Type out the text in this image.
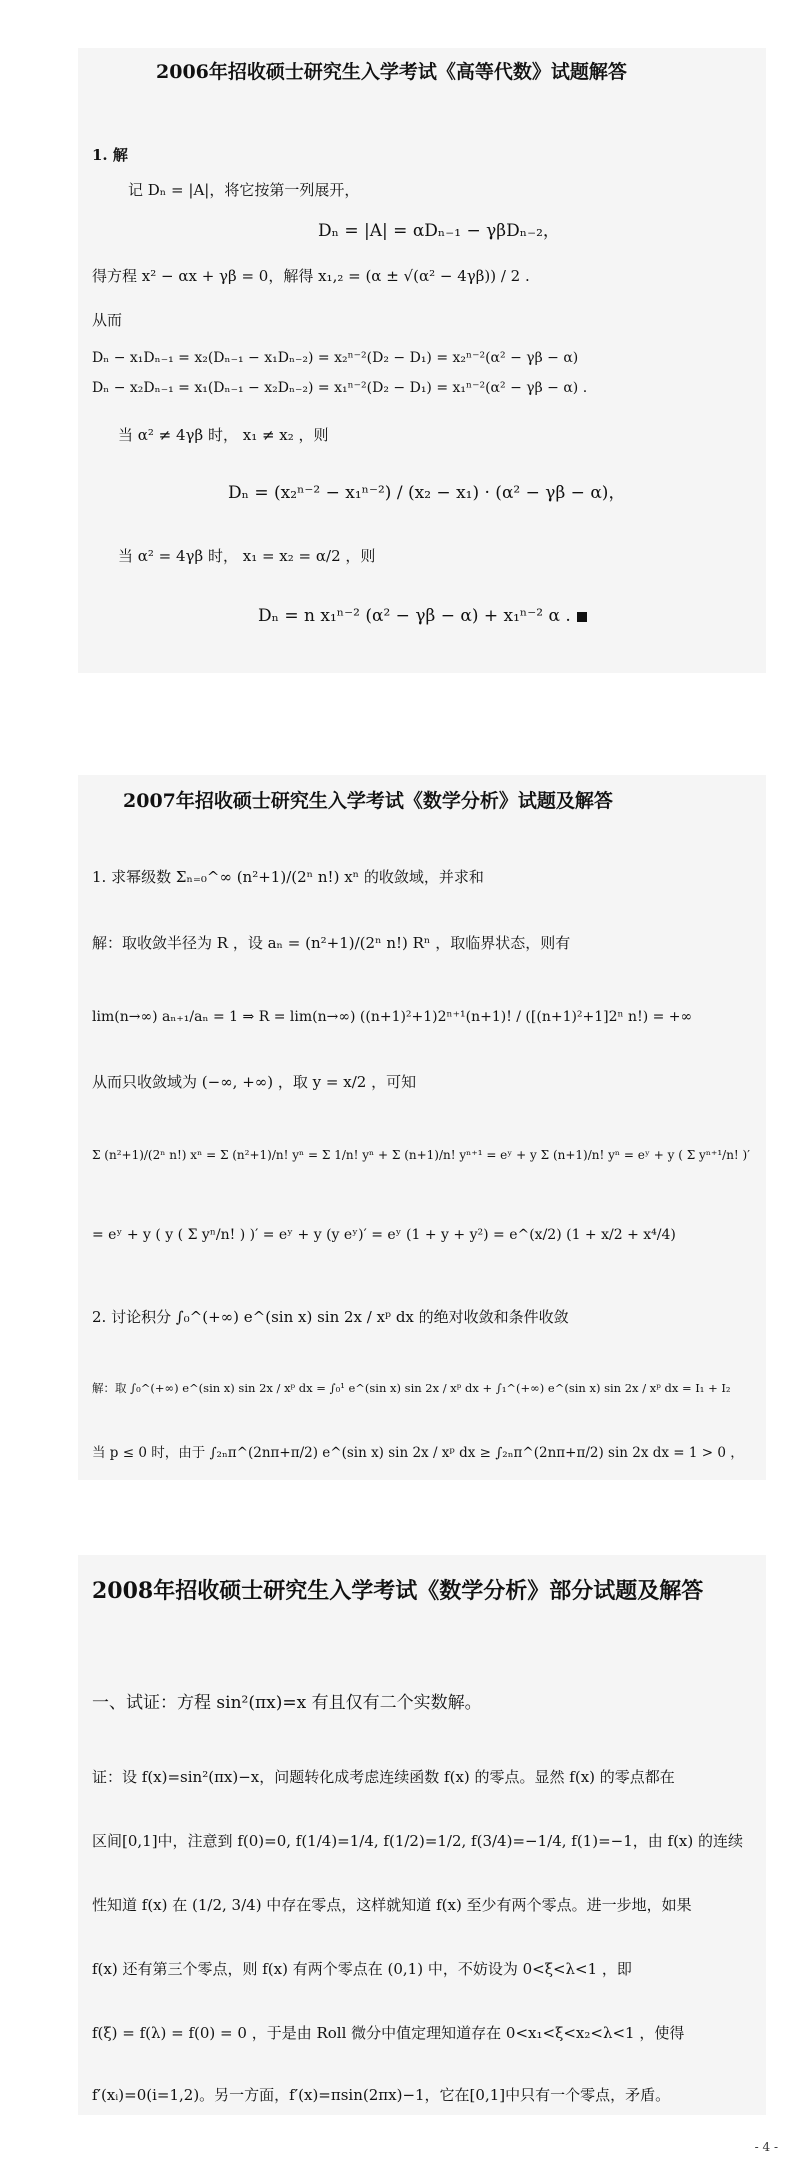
2006年招收硕士研究生入学考试《高等代数》试题解答
1. 解
记 Dₙ = |A|，将它按第一列展开，
Dₙ = |A| = αDₙ₋₁ − γβDₙ₋₂，
得方程 x² − αx + γβ = 0，解得 x₁,₂ = (α ± √(α² − 4γβ)) / 2 .
从而
Dₙ − x₁Dₙ₋₁ = x₂(Dₙ₋₁ − x₁Dₙ₋₂) = x₂ⁿ⁻²(D₂ − D₁) = x₂ⁿ⁻²(α² − γβ − α)
Dₙ − x₂Dₙ₋₁ = x₁(Dₙ₋₁ − x₂Dₙ₋₂) = x₁ⁿ⁻²(D₂ − D₁) = x₁ⁿ⁻²(α² − γβ − α) .
当 α² ≠ 4γβ 时， x₁ ≠ x₂ ，则
Dₙ = (x₂ⁿ⁻² − x₁ⁿ⁻²) / (x₂ − x₁) · (α² − γβ − α)，
当 α² = 4γβ 时， x₁ = x₂ = α/2 ，则
Dₙ = n x₁ⁿ⁻² (α² − γβ − α) + x₁ⁿ⁻² α .
2007年招收硕士研究生入学考试《数学分析》试题及解答
1. 求幂级数 Σₙ₌₀^∞ (n²+1)/(2ⁿ n!) xⁿ 的收敛域，并求和
解：取收敛半径为 R ，设 aₙ = (n²+1)/(2ⁿ n!) Rⁿ ，取临界状态，则有
lim(n→∞) aₙ₊₁/aₙ = 1 ⇒ R = lim(n→∞) ((n+1)²+1)2ⁿ⁺¹(n+1)! / ([(n+1)²+1]2ⁿ n!) = +∞
从而只收敛域为 (−∞, +∞) ，取 y = x/2 ，可知
Σ (n²+1)/(2ⁿ n!) xⁿ = Σ (n²+1)/n! yⁿ = Σ 1/n! yⁿ + Σ (n+1)/n! yⁿ⁺¹ = eʸ + y Σ (n+1)/n! yⁿ = eʸ + y ( Σ yⁿ⁺¹/n! )′
= eʸ + y ( y ( Σ yⁿ/n! ) )′ = eʸ + y (y eʸ)′ = eʸ (1 + y + y²) = e^(x/2) (1 + x/2 + x⁴/4)
2. 讨论积分 ∫₀^(+∞) e^(sin x) sin 2x / xᵖ dx 的绝对收敛和条件收敛
解：取 ∫₀^(+∞) e^(sin x) sin 2x / xᵖ dx = ∫₀¹ e^(sin x) sin 2x / xᵖ dx + ∫₁^(+∞) e^(sin x) sin 2x / xᵖ dx = I₁ + I₂
当 p ≤ 0 时，由于 ∫₂ₙπ^(2nπ+π/2) e^(sin x) sin 2x / xᵖ dx ≥ ∫₂ₙπ^(2nπ+π/2) sin 2x dx = 1 > 0 ，
2008年招收硕士研究生入学考试《数学分析》部分试题及解答
一、试证：方程 sin²(πx)=x 有且仅有二个实数解。
证：设 f(x)=sin²(πx)−x，问题转化成考虑连续函数 f(x) 的零点。显然 f(x) 的零点都在
区间[0,1]中，注意到 f(0)=0, f(1/4)=1/4, f(1/2)=1/2, f(3/4)=−1/4, f(1)=−1，由 f(x) 的连续
性知道 f(x) 在 (1/2, 3/4) 中存在零点，这样就知道 f(x) 至少有两个零点。进一步地，如果
f(x) 还有第三个零点，则 f(x) 有两个零点在 (0,1) 中，不妨设为 0<ξ<λ<1 ，即
f(ξ) = f(λ) = f(0) = 0 ，于是由 Roll 微分中值定理知道存在 0<x₁<ξ<x₂<λ<1 ，使得
f′(xᵢ)=0(i=1,2)。另一方面，f′(x)=πsin(2πx)−1，它在[0,1]中只有一个零点，矛盾。
- 4 -
